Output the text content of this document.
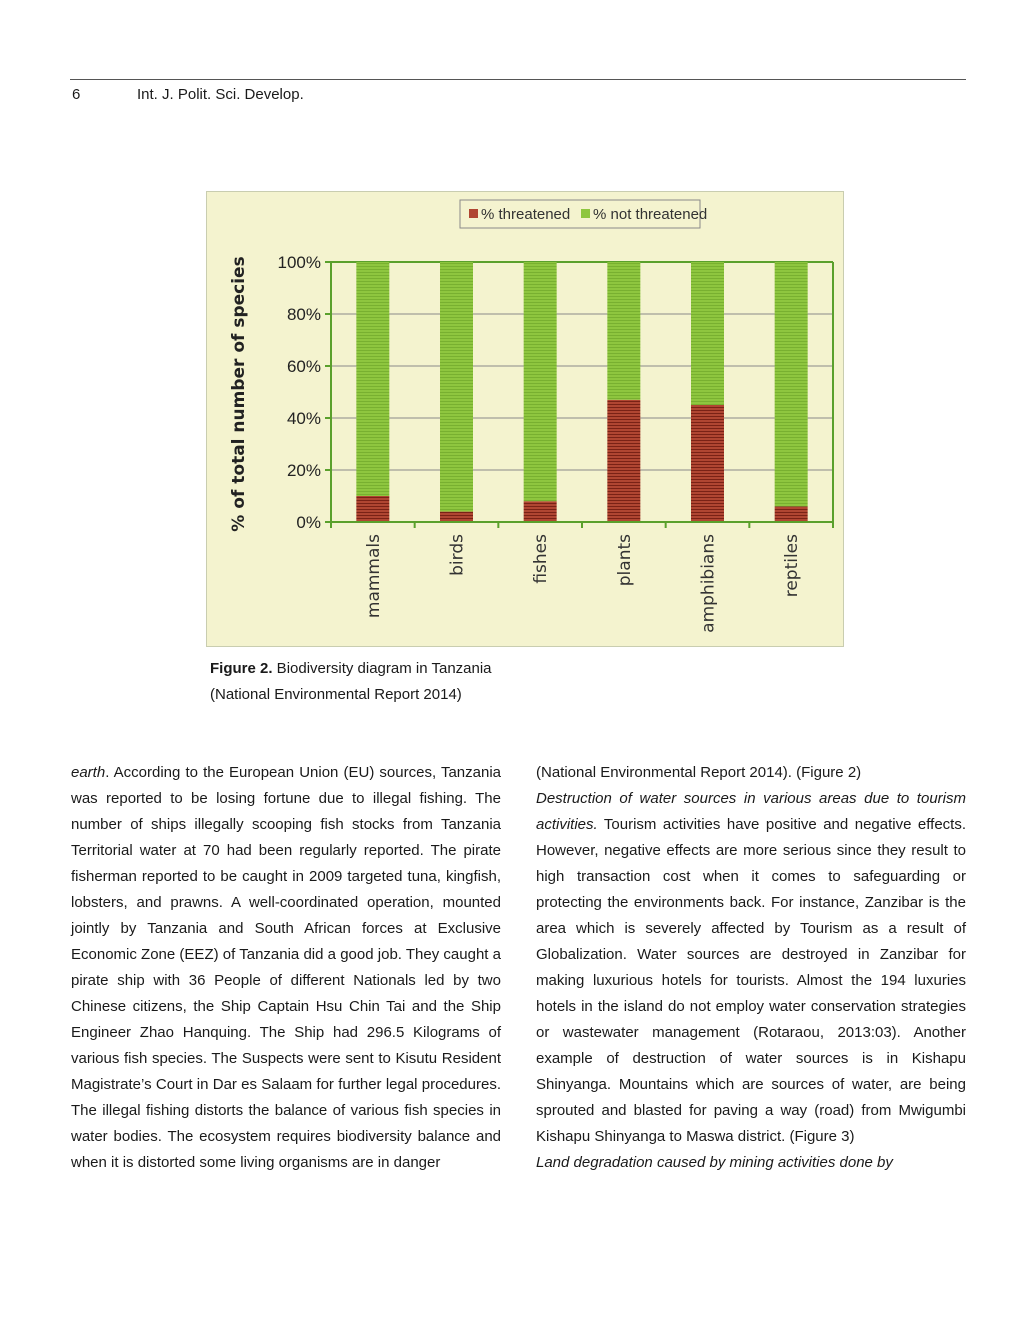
6	Int. J. Polit. Sci. Develop.
0%
20%
40%
60%
80%
100%
mammals	birds	fishes	plants	amphibians	reptiles
% of total number of species
% threatened % not threatened
Figure 2. Biodiversity diagram in Tanzania
(National Environmental Report 2014)

earth. According to the European Union (EU) sources, Tanzania was reported to be losing fortune due to illegal fishing. The number of ships illegally scooping fish stocks from Tanzania Territorial water at 70 had been regularly reported. The pirate fisherman reported to be caught in 2009 targeted tuna, kingfish, lobsters, and prawns. A well-coordinated operation, mounted jointly by Tanzania and South African forces at Exclusive Economic Zone (EEZ) of Tanzania did a good job. They caught a pirate ship with 36 People of different Nationals led by two Chinese citizens, the Ship Captain Hsu Chin Tai and the Ship Engineer Zhao Hanquing. The Ship had 296.5 Kilograms of various fish species. The Suspects were sent to Kisutu Resident Magistrate’s Court in Dar es Salaam for further legal procedures. The illegal fishing distorts the balance of various fish species in water bodies. The ecosystem requires biodiversity balance and when it is distorted some living organisms are in danger

(National Environmental Report 2014). (Figure 2)

Destruction of water sources in various areas due to tourism activities. Tourism activities have positive and negative effects. However, negative effects are more serious since they result to high transaction cost when it comes to safeguarding or protecting the environments back. For instance, Zanzibar is the area which is severely affected by Tourism as a result of Globalization. Water sources are destroyed in Zanzibar for making luxurious hotels for tourists. Almost the 194 luxuries hotels in the island do not employ water conservation strategies or wastewater management (Rotaraou, 2013:03). Another example of destruction of water sources is in Kishapu Shinyanga. Mountains which are sources of water, are being sprouted and blasted for paving a way (road) from Mwigumbi Kishapu Shinyanga to Maswa district. (Figure 3)

Land degradation caused by mining activities done by
